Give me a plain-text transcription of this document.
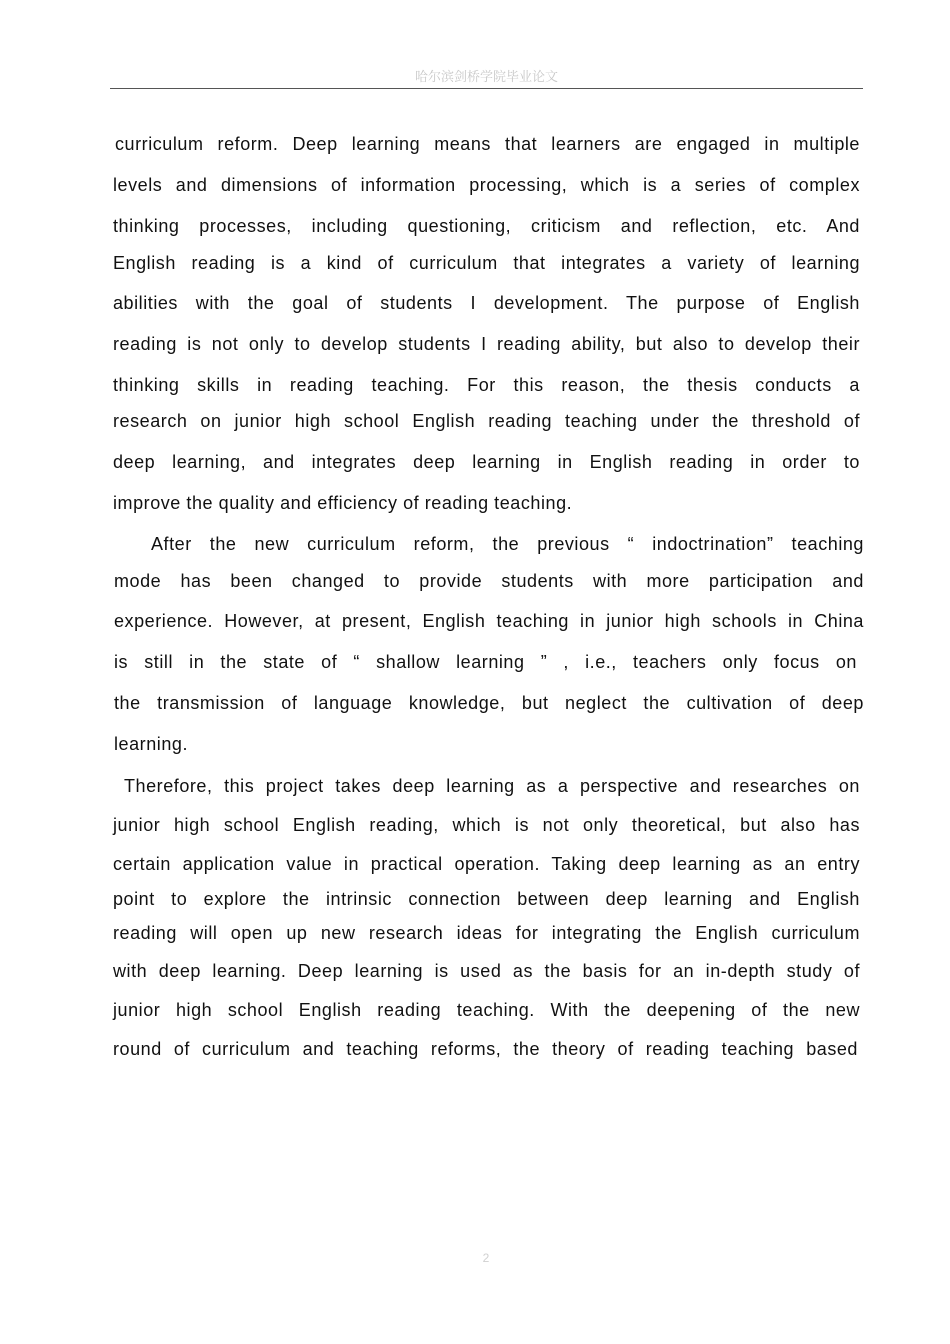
哈尔滨剑桥学院毕业论文
curriculum reform. Deep learning means that learners are engaged in multiple
levels and dimensions of information processing, which is a series of complex
thinking processes, including questioning, criticism and reflection, etc. And
English reading is a kind of curriculum that integrates a variety of learning
abilities with the goal of students I development. The purpose of English
reading is not only to develop students I reading ability, but also to develop their
thinking skills in reading teaching. For this reason, the thesis conducts a
research on junior high school English reading teaching under the threshold of
deep learning, and integrates deep learning in English reading in order to
improve the quality and efficiency of reading teaching.
After the new curriculum reform, the previous “ indoctrination” teaching
mode has been changed to provide students with more participation and
experience. However, at present, English teaching in junior high schools in China
is still in the state of “ shallow learning ” , i.e., teachers only focus on
the transmission of language knowledge, but neglect the cultivation of deep
learning.
Therefore, this project takes deep learning as a perspective and researches on
junior high school English reading, which is not only theoretical, but also has
certain application value in practical operation. Taking deep learning as an entry
point to explore the intrinsic connection between deep learning and English
reading will open up new research ideas for integrating the English curriculum
with deep learning. Deep learning is used as the basis for an in-depth study of
junior high school English reading teaching. With the deepening of the new
round of curriculum and teaching reforms, the theory of reading teaching based
2
